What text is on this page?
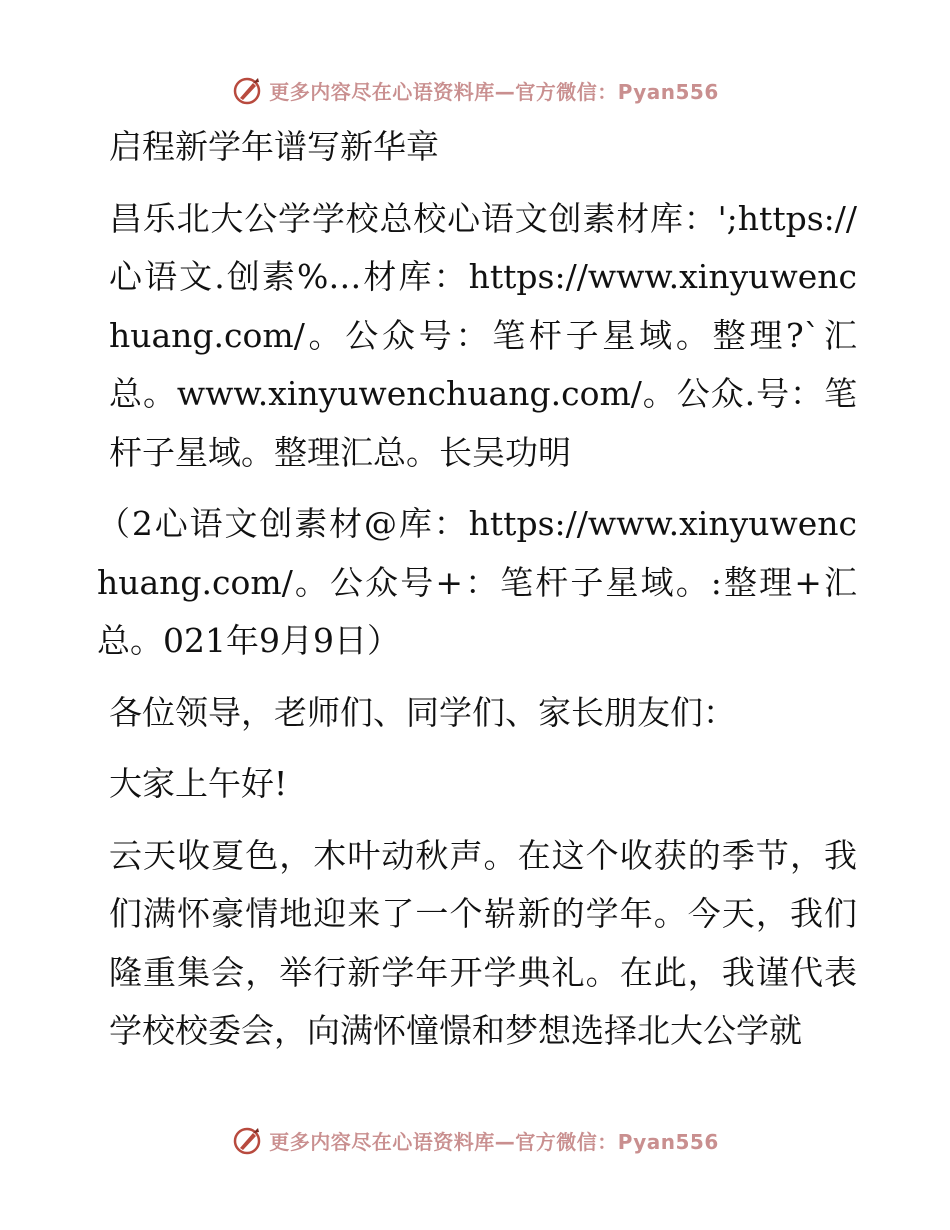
更多内容尽在心语资料库—官方微信：Pyan556

启程新学年谱写新华章

昌乐北大公学学校总校心语文创素材库：';https://心语文.创素%…材库：https://www.xinyuwenchuang.com/。公众号：笔杆子星域。整理?`汇总。www.xinyuwenchuang.com/。公众.号：笔杆子星域。整理汇总。长吴功明

（2心语文创素材@库：https://www.xinyuwenchuang.com/。公众号+：笔杆子星域。:整理+汇总。021年9月9日）

各位领导，老师们、同学们、家长朋友们：

大家上午好!

云天收夏色，木叶动秋声。在这个收获的季节，我们满怀豪情地迎来了一个崭新的学年。今天，我们隆重集会，举行新学年开学典礼。在此，我谨代表学校校委会，向满怀憧憬和梦想选择北大公学就

更多内容尽在心语资料库—官方微信：Pyan556
